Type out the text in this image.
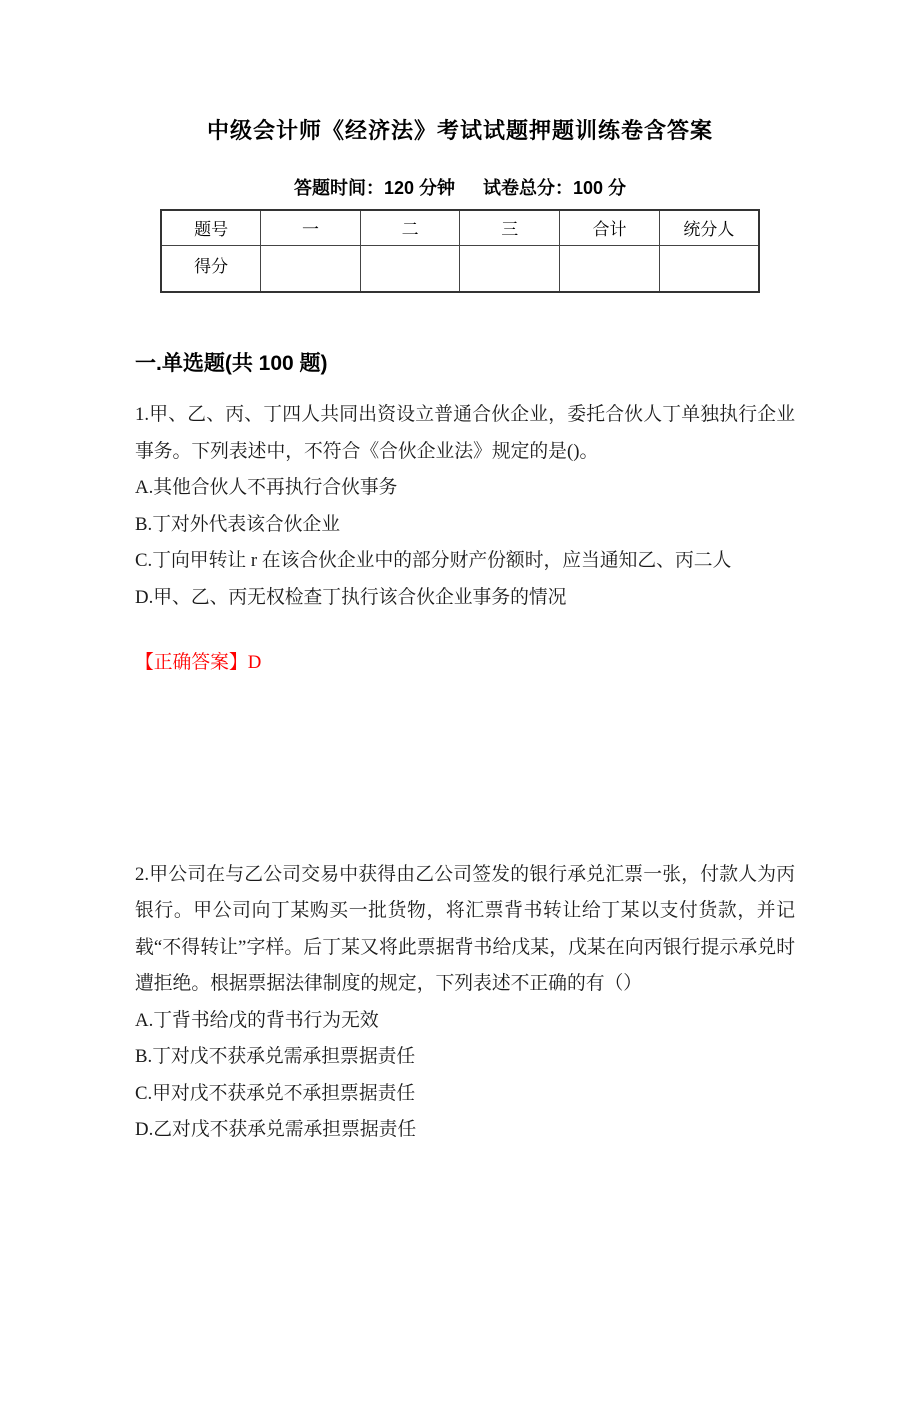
中级会计师《经济法》考试试题押题训练卷含答案
答题时间：120 分钟 试卷总分：100 分
题号	一	二	三	合计	统分人
得分					
一.单选题(共 100 题)

1.甲、乙、丙、丁四人共同出资设立普通合伙企业，委托合伙人丁单独执行企业事务。下列表述中，不符合《合伙企业法》规定的是()。

A.其他合伙人不再执行合伙事务

B.丁对外代表该合伙企业

C.丁向甲转让 r 在该合伙企业中的部分财产份额时，应当通知乙、丙二人

D.甲、乙、丙无权检查丁执行该合伙企业事务的情况

【正确答案】D

2.甲公司在与乙公司交易中获得由乙公司签发的银行承兑汇票一张，付款人为丙银行。甲公司向丁某购买一批货物，将汇票背书转让给丁某以支付货款，并记载“不得转让”字样。后丁某又将此票据背书给戊某，戊某在向丙银行提示承兑时遭拒绝。根据票据法律制度的规定，下列表述不正确的有（）

A.丁背书给戊的背书行为无效

B.丁对戊不获承兑需承担票据责任

C.甲对戊不获承兑不承担票据责任

D.乙对戊不获承兑需承担票据责任
